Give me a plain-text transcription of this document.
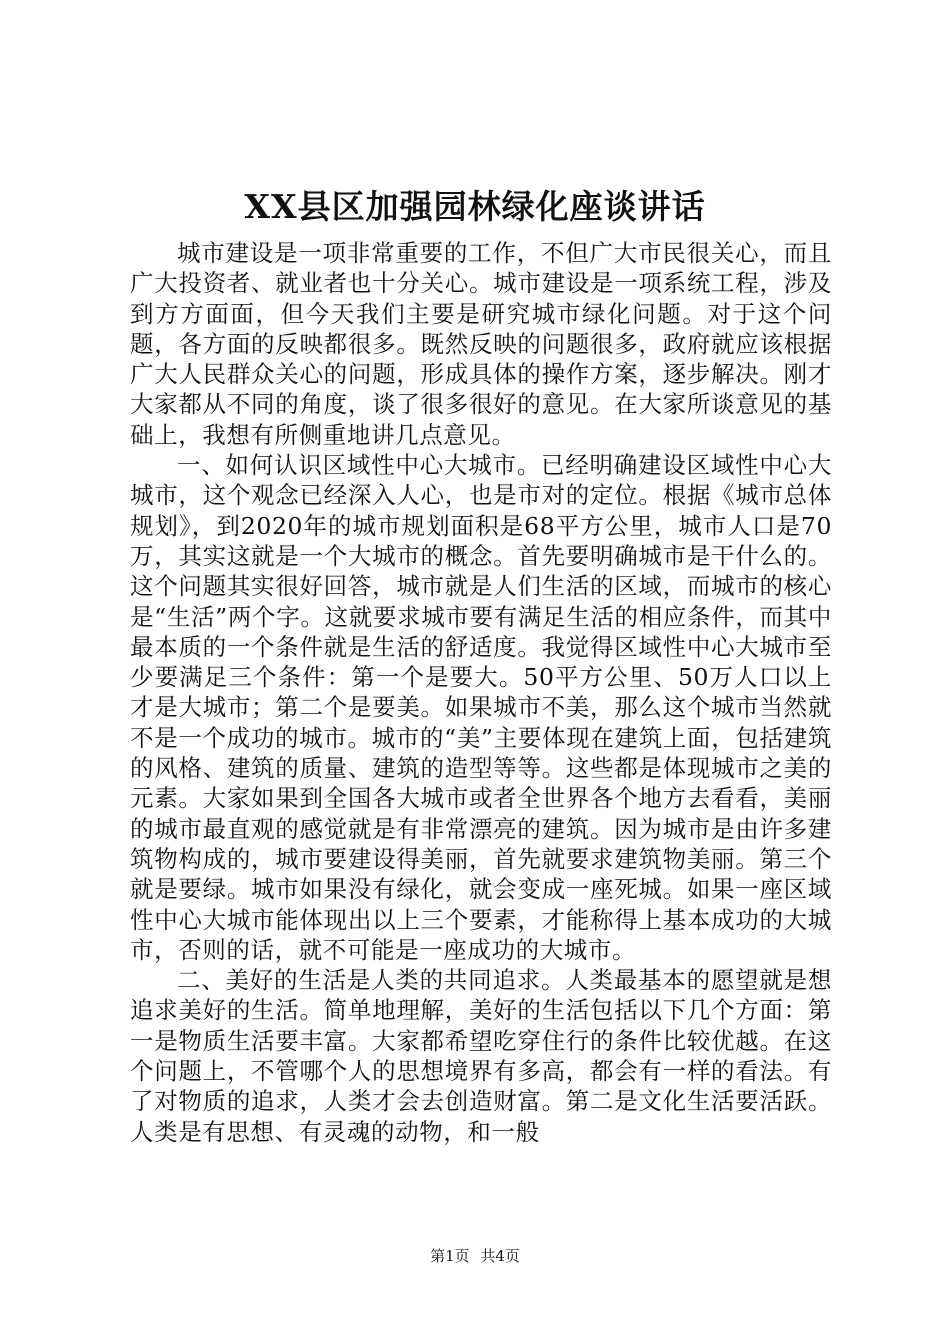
XX县区加强园林绿化座谈讲话

城市建设是一项非常重要的工作，不但广大市民很关心，而且广大投资者、就业者也十分关心。城市建设是一项系统工程，涉及到方方面面，但今天我们主要是研究城市绿化问题。对于这个问题，各方面的反映都很多。既然反映的问题很多，政府就应该根据广大人民群众关心的问题，形成具体的操作方案，逐步解决。刚才大家都从不同的角度，谈了很多很好的意见。在大家所谈意见的基础上，我想有所侧重地讲几点意见。

一、如何认识区域性中心大城市。已经明确建设区域性中心大城市，这个观念已经深入人心，也是市对的定位。根据《城市总体规划》，到2020年的城市规划面积是68平方公里，城市人口是70万，其实这就是一个大城市的概念。首先要明确城市是干什么的。这个问题其实很好回答，城市就是人们生活的区域，而城市的核心是“生活”两个字。这就要求城市要有满足生活的相应条件，而其中最本质的一个条件就是生活的舒适度。我觉得区域性中心大城市至少要满足三个条件：第一个是要大。50平方公里、50万人口以上才是大城市；第二个是要美。如果城市不美，那么这个城市当然就不是一个成功的城市。城市的“美”主要体现在建筑上面，包括建筑的风格、建筑的质量、建筑的造型等等。这些都是体现城市之美的元素。大家如果到全国各大城市或者全世界各个地方去看看，美丽的城市最直观的感觉就是有非常漂亮的建筑。因为城市是由许多建筑物构成的，城市要建设得美丽，首先就要求建筑物美丽。第三个就是要绿。城市如果没有绿化，就会变成一座死城。如果一座区域性中心大城市能体现出以上三个要素，才能称得上基本成功的大城市，否则的话，就不可能是一座成功的大城市。

二、美好的生活是人类的共同追求。人类最基本的愿望就是想追求美好的生活。简单地理解，美好的生活包括以下几个方面：第一是物质生活要丰富。大家都希望吃穿住行的条件比较优越。在这个问题上，不管哪个人的思想境界有多高，都会有一样的看法。有了对物质的追求，人类才会去创造财富。第二是文化生活要活跃。人类是有思想、有灵魂的动物，和一般

第1页 共4页
